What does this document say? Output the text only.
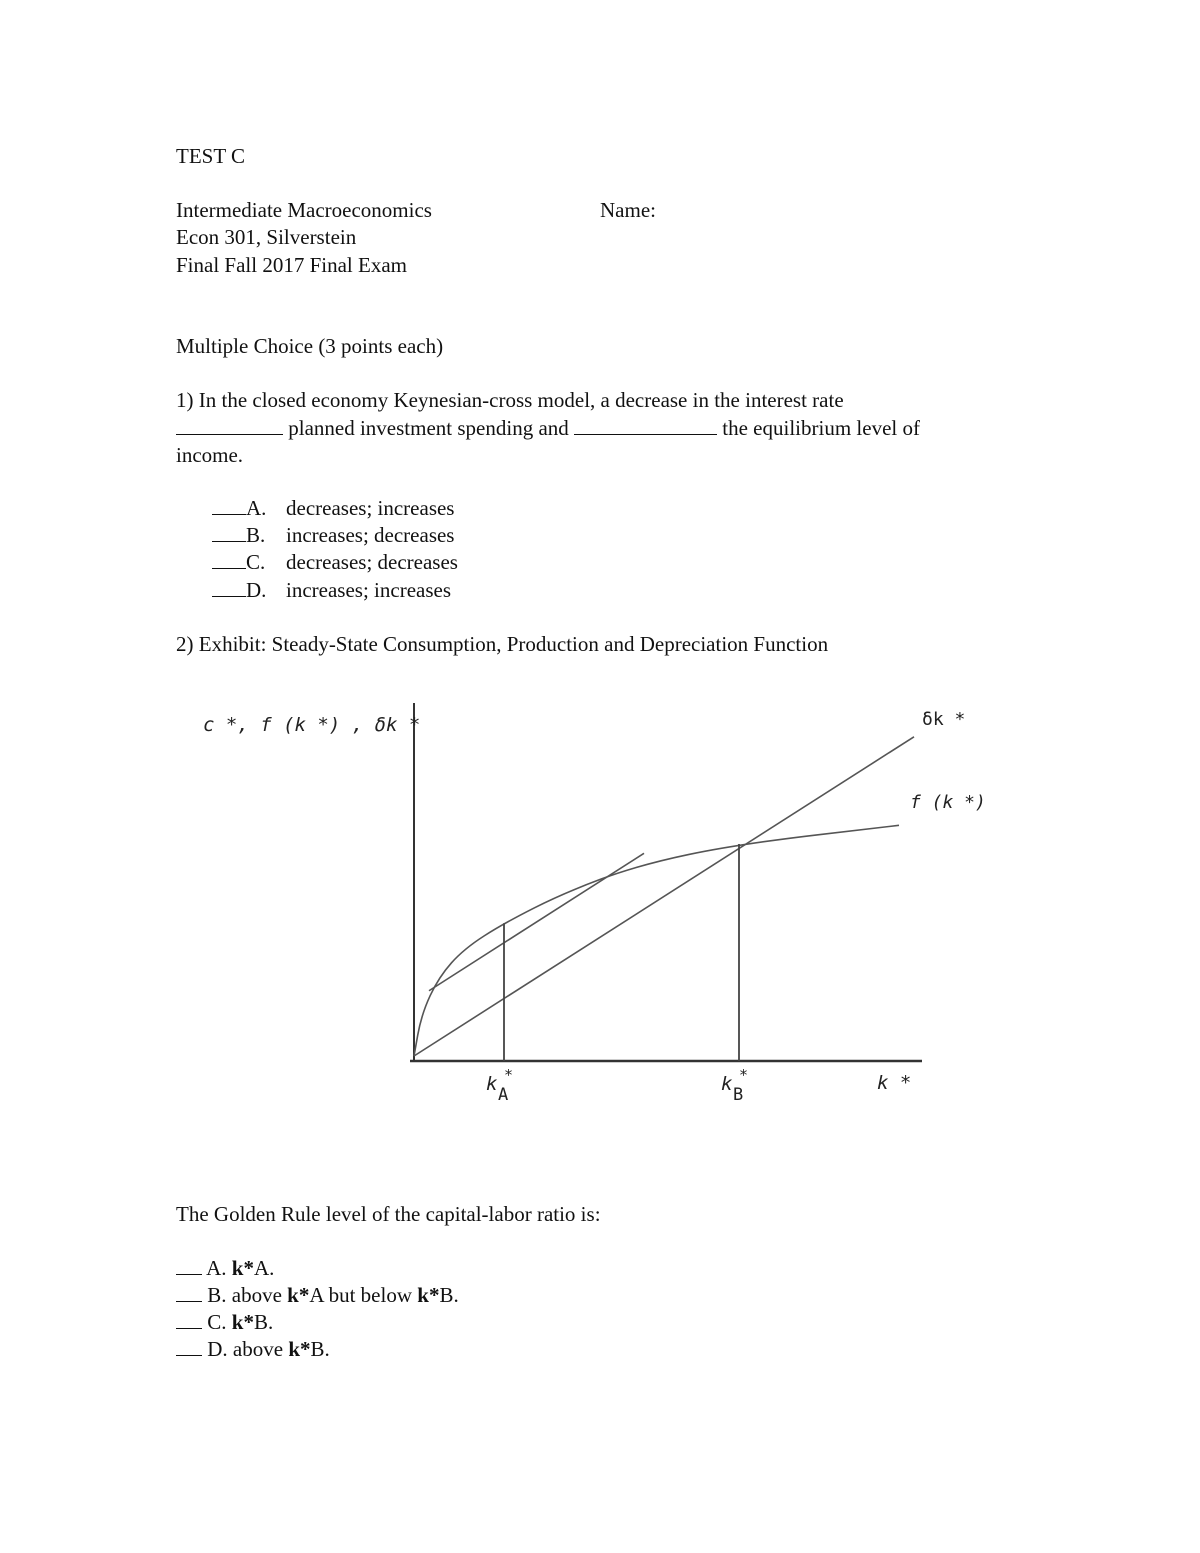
TEST C
Intermediate Macroeconomics	Name:
Econ 301, Silverstein
Final Fall 2017 Final Exam
Multiple Choice (3 points each)
1) In the closed economy Keynesian-cross model, a decrease in the interest rate
planned investment spending and	the equilibrium level of
income.
A. decreases; increases
B. increases; decreases
C. decreases; decreases
D. increases; increases
2) Exhibit: Steady-State Consumption, Production and Depreciation Function
δk *
f (k *)
c *, f (k *) , δk *
k *
A	k *
B
k *
The Golden Rule level of the capital-labor ratio is:
A. k*A.
B. above k*A but below k*B.
C. k*B.
D. above k*B.
